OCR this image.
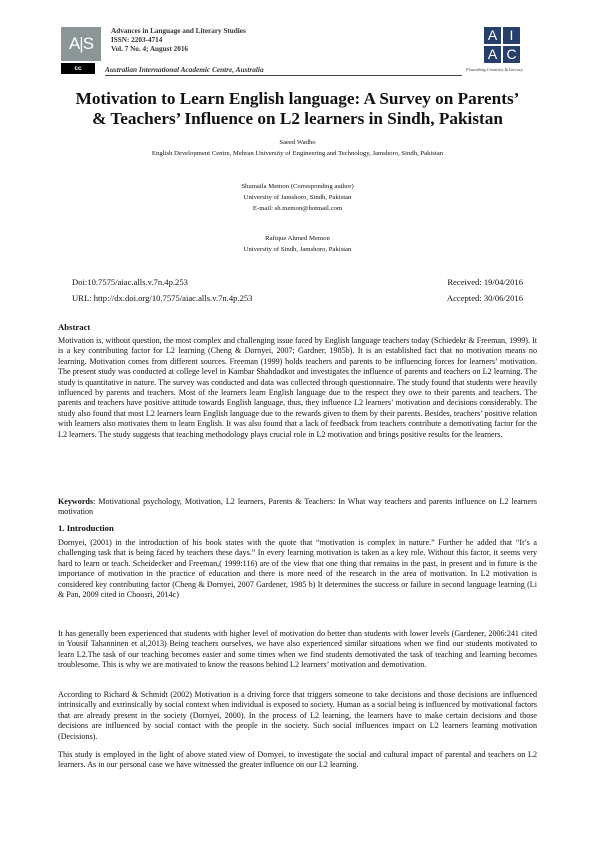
A|S
Advances in Language and Literary Studies
ISSN: 2203-4714
Vol. 7 No. 4; August 2016
cc	Australian International Academic Centre, Australia
A I
A C
Flourishing Creativity & Literacy
Motivation to Learn English language: A Survey on Parents’
& Teachers’ Influence on L2 learners in Sindh, Pakistan
Saeed Wadho
English Development Centre, Mehran University of Engineering and Technology, Jamshoro, Sindh, Pakistan
Shumaila Memon (Corresponding author)
University of Jamshoro, Sindh, Pakistan
E-mail: sh.memon@hotmail.com
Rafique Ahmed Memon
University of Sindh, Jamshoro, Pakistan
Doi:10.7575/aiac.alls.v.7n.4p.253	Received: 19/04/2016
URL: http://dx.doi.org/10.7575/aiac.alls.v.7n.4p.253	Accepted: 30/06/2016
Abstract
Motivation is, without question, the most complex and challenging issue faced by English language teachers today (Schiedekr & Freeman, 1999). It is a key contributing factor for L2 learning (Cheng & Dornyei, 2007; Gardner, 1985b). It is an established fact that no motivation means no learning. Motivation comes from different sources. Freeman (1999) holds teachers and parents to be influencing forces for learners’ motivation. The present study was conducted at college level in Kambar Shahdadkot and investigates the influence of parents and teachers on L2 learning. The study is quantitative in nature. The survey was conducted and data was collected through questionnaire. The study found that students were heavily influenced by parents and teachers. Most of the learners learn English language due to the respect they owe to their parents and teachers. The parents and teachers have positive attitude towards English language, thus, they influence L2 learners’ motivation and decisions considerably. The study also found that most L2 learners learn English language due to the rewards given to them by their parents. Besides, teachers’ positive relation with learners also motivates them to learn English. It was also found that a lack of feedback from teachers contribute a demotivating factor for the L2 learners. The study suggests that teaching methodology plays crucial role in L2 motivation and brings positive results for the learners.
Keywords: Motivational psychology, Motivation, L2 learners, Parents & Teachers: In What way teachers and parents influence on L2 learners motivation
1. Introduction
Dornyei, (2001) in the introduction of his book states with the quote that “motivation is complex in nature.” Further he added that “It’s a challenging task that is being faced by teachers these days.” In every learning motivation is taken as a key role. Without this factor, it seems very hard to learn or teach. Scheidecker and Freeman,( 1999:116) are of the view that one thing that remains in the past, in present and in future is the importance of motivation in the practice of education and there is more need of the research in the area of motivation. In L2 motivation is considered key contributing factor (Cheng & Dornyei, 2007 Gardener, 1985 b) It determines the success or failure in second language learning (Li & Pan, 2009 cited in Choosri, 2014c)
It has generally been experienced that students with higher level of motivation do better than students with lower levels (Gardener, 2006:241 cited in Yousif Tahanninen et al,2013) Being teachers ourselves, we have also experienced similar situations when we find our students motivated to learn L2.The task of our teaching becomes easier and some times when we find students demotivated the task of teaching and learning becomes troublesome. This is why we are motivated to know the reasons behind L2 learners’ motivation and demotivation.
According to Richard & Schmidt (2002) Motivation is a driving force that triggers someone to take decisions and those decisions are influenced intrinsically and extrinsically by social context when individual is exposed to society. Human as a social being is influenced by motivational factors that are already present in the society (Dornyei, 2000). In the process of L2 learning, the learners have to make certain decisions and those decisions are influenced by social contact with the people in the society. Such social influences impact on L2 learners learning motivation (Decisions).
This study is employed in the light of above stated view of Dornyei, to investigate the social and cultural impact of parental and teachers on L2 learners. As in our personal case we have witnessed the greater influence on our L2 learning.
